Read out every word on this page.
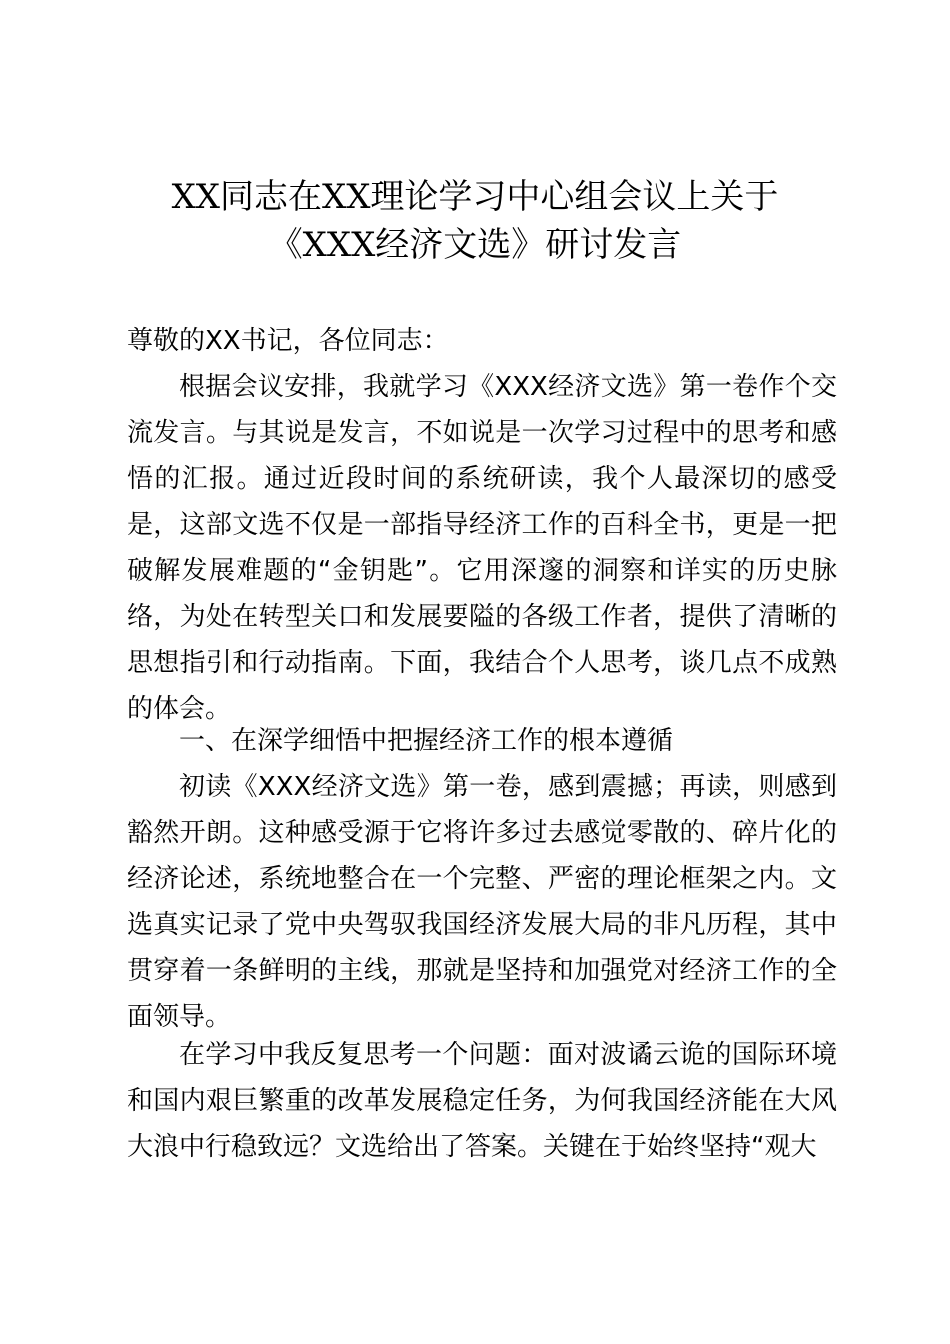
XX同志在XX理论学习中心组会议上关于
《XXX经济文选》研讨发言

尊敬的XX书记，各位同志：

根据会议安排，我就学习《XXX经济文选》第一卷作个交流发言。与其说是发言，不如说是一次学习过程中的思考和感悟的汇报。通过近段时间的系统研读，我个人最深切的感受是，这部文选不仅是一部指导经济工作的百科全书，更是一把破解发展难题的“金钥匙”。它用深邃的洞察和详实的历史脉络，为处在转型关口和发展要隘的各级工作者，提供了清晰的思想指引和行动指南。下面，我结合个人思考，谈几点不成熟的体会。

一、在深学细悟中把握经济工作的根本遵循

初读《XXX经济文选》第一卷，感到震撼；再读，则感到豁然开朗。这种感受源于它将许多过去感觉零散的、碎片化的经济论述，系统地整合在一个完整、严密的理论框架之内。文选真实记录了党中央驾驭我国经济发展大局的非凡历程，其中贯穿着一条鲜明的主线，那就是坚持和加强党对经济工作的全面领导。

在学习中我反复思考一个问题：面对波谲云诡的国际环境和国内艰巨繁重的改革发展稳定任务，为何我国经济能在大风大浪中行稳致远？文选给出了答案。关键在于始终坚持“观大
